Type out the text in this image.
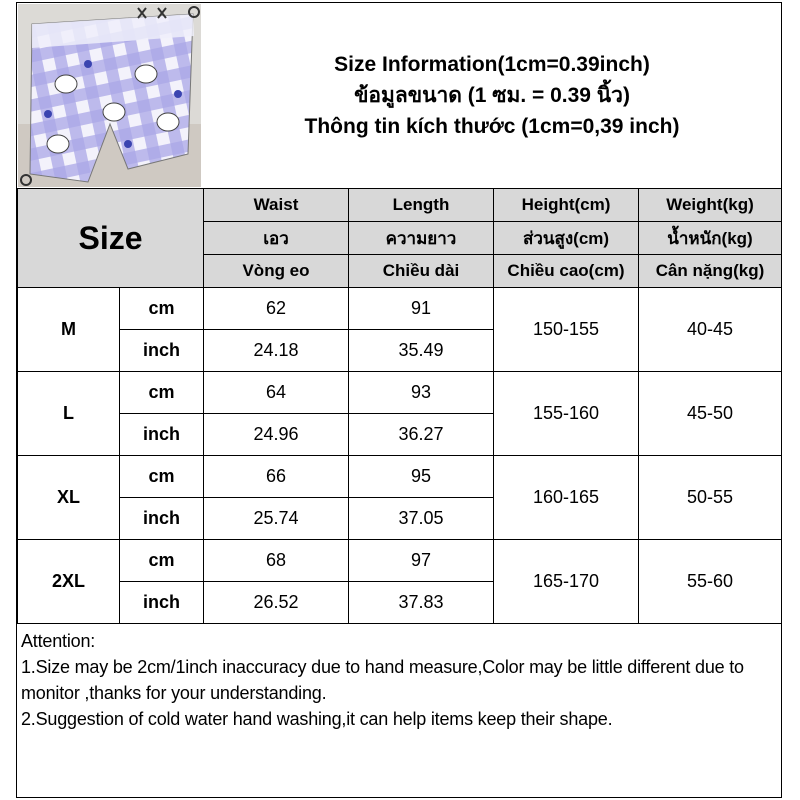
Size Information(1cm=0.39inch)
ข้อมูลขนาด (1 ซม. = 0.39 นิ้ว)
Thông tin kích thước (1cm=0,39 inch)
Size		Waist	Length	Height(cm)	Weight(kg)
		เอว	ความยาว	ส่วนสูง(cm)	น้ำหนัก(kg)
		Vòng eo	Chiều dài	Chiều cao(cm)	Cân nặng(kg)
M	cm	62	91	150-155	40-45
	inch	24.18	35.49		
L	cm	64	93	155-160	45-50
	inch	24.96	36.27		
XL	cm	66	95	160-165	50-55
	inch	25.74	37.05		
2XL	cm	68	97	165-170	55-60
	inch	26.52	37.83		

Attention:

1.Size may be 2cm/1inch inaccuracy due to hand measure,Color may be little different due to monitor ,thanks for your understanding.

2.Suggestion of cold water hand washing,it can help items keep their shape.
